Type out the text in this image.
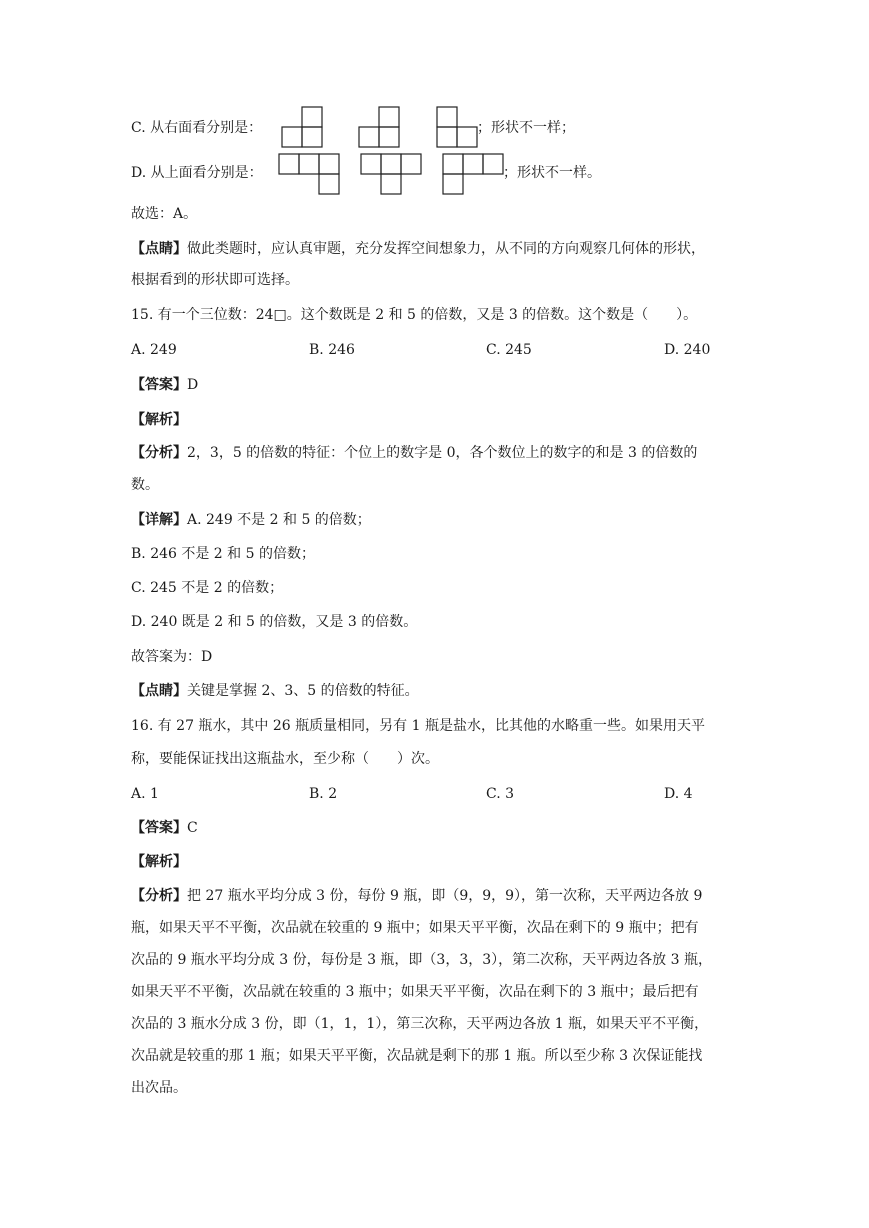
C. 从右面看分别是：	；形状不一样；
D. 从上面看分别是：	；形状不一样。
故选：A。
【点睛】做此类题时，应认真审题，充分发挥空间想象力，从不同的方向观察几何体的形状，
根据看到的形状即可选择。
15. 有一个三位数：24□。这个数既是 2 和 5 的倍数，又是 3 的倍数。这个数是（　　）。
A. 249	B. 246	C. 245	D. 240
【答案】D
【解析】
【分析】2，3，5 的倍数的特征：个位上的数字是 0，各个数位上的数字的和是 3 的倍数的
数。
【详解】A. 249 不是 2 和 5 的倍数；
B. 246 不是 2 和 5 的倍数；
C. 245 不是 2 的倍数；
D. 240 既是 2 和 5 的倍数，又是 3 的倍数。
故答案为：D
【点睛】关键是掌握 2、3、5 的倍数的特征。
16. 有 27 瓶水，其中 26 瓶质量相同，另有 1 瓶是盐水，比其他的水略重一些。如果用天平
称，要能保证找出这瓶盐水，至少称（　　）次。
A. 1	B. 2	C. 3	D. 4
【答案】C
【解析】
【分析】把 27 瓶水平均分成 3 份，每份 9 瓶，即（9，9，9），第一次称，天平两边各放 9
瓶，如果天平不平衡，次品就在较重的 9 瓶中；如果天平平衡，次品在剩下的 9 瓶中；把有
次品的 9 瓶水平均分成 3 份，每份是 3 瓶，即（3，3，3），第二次称，天平两边各放 3 瓶，
如果天平不平衡，次品就在较重的 3 瓶中；如果天平平衡，次品在剩下的 3 瓶中；最后把有
次品的 3 瓶水分成 3 份，即（1，1，1），第三次称，天平两边各放 1 瓶，如果天平不平衡，
次品就是较重的那 1 瓶；如果天平平衡，次品就是剩下的那 1 瓶。所以至少称 3 次保证能找
出次品。
